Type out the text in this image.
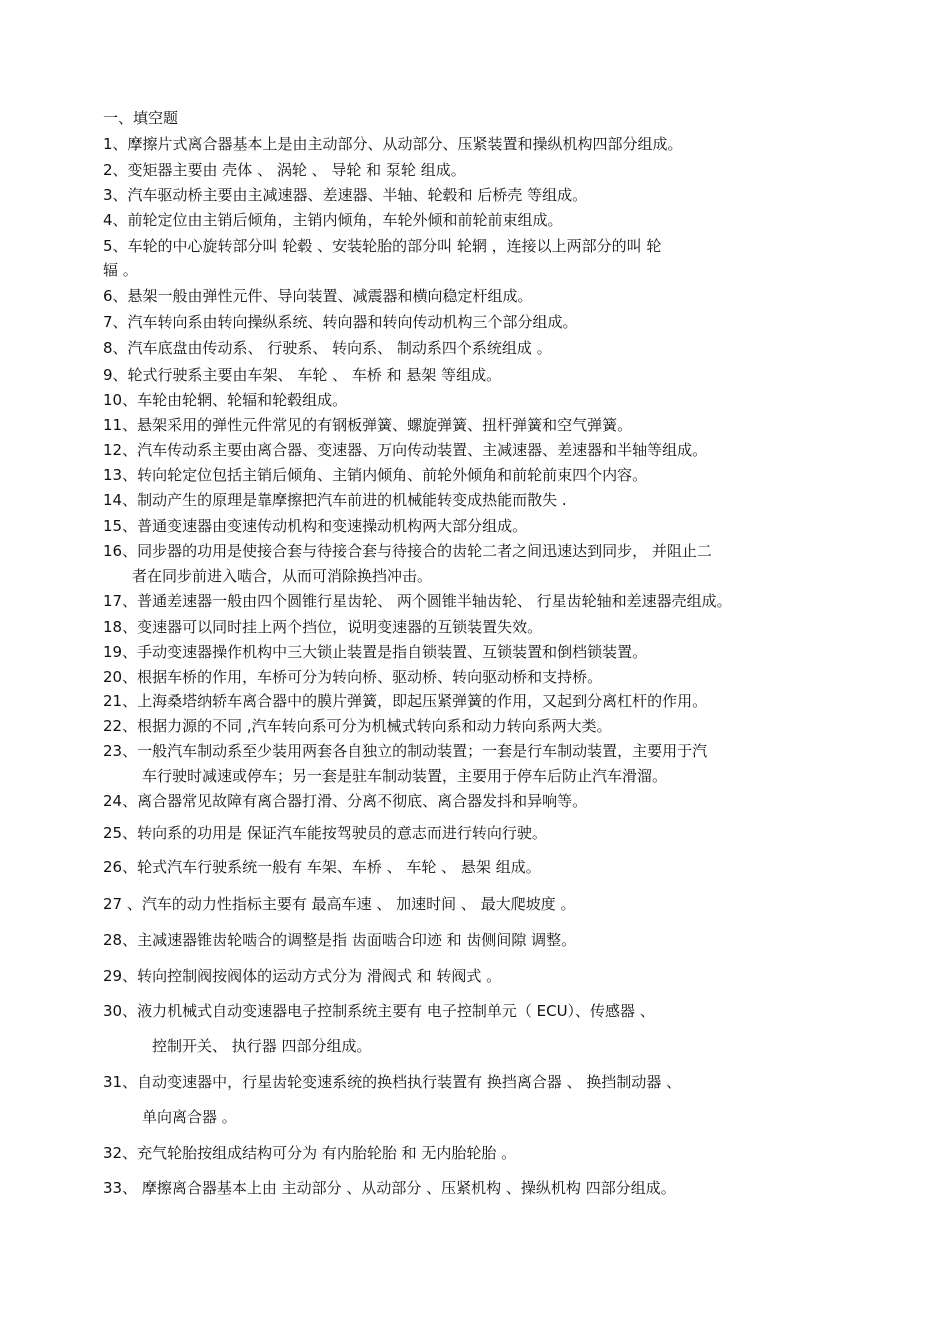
一、填空题
1、摩擦片式离合器基本上是由主动部分、从动部分、压紧装置和操纵机构四部分组成。
2、变矩器主要由 壳体 、 涡轮 、 导轮 和 泵轮 组成。
3、汽车驱动桥主要由主减速器、差速器、半轴、轮毂和 后桥壳 等组成。
4、前轮定位由主销后倾角，主销内倾角，车轮外倾和前轮前束组成。
5、车轮的中心旋转部分叫 轮毂 、安装轮胎的部分叫 轮辋 ，连接以上两部分的叫 轮
辐 。
6、悬架一般由弹性元件、导向装置、减震器和横向稳定杆组成。
7、汽车转向系由转向操纵系统、转向器和转向传动机构三个部分组成。
8、汽车底盘由传动系、 行驶系、 转向系、 制动系四个系统组成 。
9、轮式行驶系主要由车架、 车轮 、 车桥 和 悬架 等组成。
10、车轮由轮辋、轮辐和轮毂组成。
11、悬架采用的弹性元件常见的有钢板弹簧、螺旋弹簧、扭杆弹簧和空气弹簧。
12、汽车传动系主要由离合器、变速器、万向传动装置、主减速器、差速器和半轴等组成。
13、转向轮定位包括主销后倾角、主销内倾角、前轮外倾角和前轮前束四个内容。
14、制动产生的原理是靠摩擦把汽车前进的机械能转变成热能而散失 .
15、普通变速器由变速传动机构和变速操动机构两大部分组成。
16、同步器的功用是使接合套与待接合套与待接合的齿轮二者之间迅速达到同步， 并阻止二
者在同步前进入啮合，从而可消除换挡冲击。
17、普通差速器一般由四个圆锥行星齿轮、 两个圆锥半轴齿轮、 行星齿轮轴和差速器壳组成。
18、变速器可以同时挂上两个挡位，说明变速器的互锁装置失效。
19、手动变速器操作机构中三大锁止装置是指自锁装置、互锁装置和倒档锁装置。
20、根据车桥的作用，车桥可分为转向桥、驱动桥、转向驱动桥和支持桥。
21、上海桑塔纳轿车离合器中的膜片弹簧，即起压紧弹簧的作用，又起到分离杠杆的作用。
22、根据力源的不同 ,汽车转向系可分为机械式转向系和动力转向系两大类。
23、一般汽车制动系至少装用两套各自独立的制动装置；一套是行车制动装置，主要用于汽
车行驶时减速或停车；另一套是驻车制动装置，主要用于停车后防止汽车滑溜。
24、离合器常见故障有离合器打滑、分离不彻底、离合器发抖和异响等。
25、转向系的功用是 保证汽车能按驾驶员的意志而进行转向行驶。
26、轮式汽车行驶系统一般有 车架、车桥 、 车轮 、 悬架 组成。
27 、汽车的动力性指标主要有 最高车速 、 加速时间 、 最大爬坡度 。
28、主减速器锥齿轮啮合的调整是指 齿面啮合印迹 和 齿侧间隙 调整。
29、转向控制阀按阀体的运动方式分为 滑阀式 和 转阀式 。
30、液力机械式自动变速器电子控制系统主要有 电子控制单元（ ECU）、传感器 、
控制开关、 执行器 四部分组成。
31、自动变速器中，行星齿轮变速系统的换档执行装置有 换挡离合器 、 换挡制动器 、
单向离合器 。
32、充气轮胎按组成结构可分为 有内胎轮胎 和 无内胎轮胎 。
33、 摩擦离合器基本上由 主动部分 、从动部分 、压紧机构 、操纵机构 四部分组成。
